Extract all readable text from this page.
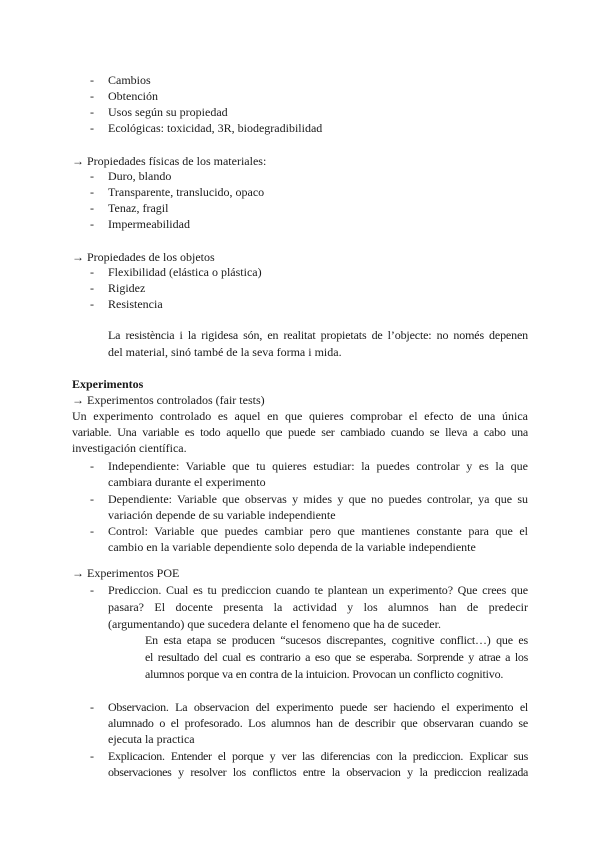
- Cambios
- Obtención
- Usos según su propiedad
- Ecológicas: toxicidad, 3R, biodegradibilidad
→ Propiedades físicas de los materiales:
- Duro, blando
- Transparente, translucido, opaco
- Tenaz, fragil
- Impermeabilidad
→ Propiedades de los objetos
- Flexibilidad (elástica o plástica)
- Rigidez
- Resistencia
La resistència i la rigidesa són, en realitat propietats de l’objecte: no només depenen
del material, sinó també de la seva forma i mida.
Experimentos
→ Experimentos controlados (fair tests)
Un experimento controlado es aquel en que quieres comprobar el efecto de una única
variable. Una variable es todo aquello que puede ser cambiado cuando se lleva a cabo una
investigación científica.
- Independiente: Variable que tu quieres estudiar: la puedes controlar y es la que
cambiara durante el experimento
- Dependiente: Variable que observas y mides y que no puedes controlar, ya que su
variación depende de su variable independiente
- Control: Variable que puedes cambiar pero que mantienes constante para que el
cambio en la variable dependiente solo dependa de la variable independiente
→ Experimentos POE
- Prediccion. Cual es tu prediccion cuando te plantean un experimento? Que crees que
pasara? El docente presenta la actividad y los alumnos han de predecir
(argumentando) que sucedera delante el fenomeno que ha de suceder.
En esta etapa se producen “sucesos discrepantes, cognitive conflict…) que es
el resultado del cual es contrario a eso que se esperaba. Sorprende y atrae a los
alumnos porque va en contra de la intuicion. Provocan un conflicto cognitivo.
- Observacion. La observacion del experimento puede ser haciendo el experimento el
alumnado o el profesorado. Los alumnos han de describir que observaran cuando se
ejecuta la practica
- Explicacion. Entender el porque y ver las diferencias con la prediccion. Explicar sus
observaciones y resolver los conflictos entre la observacion y la prediccion realizada
